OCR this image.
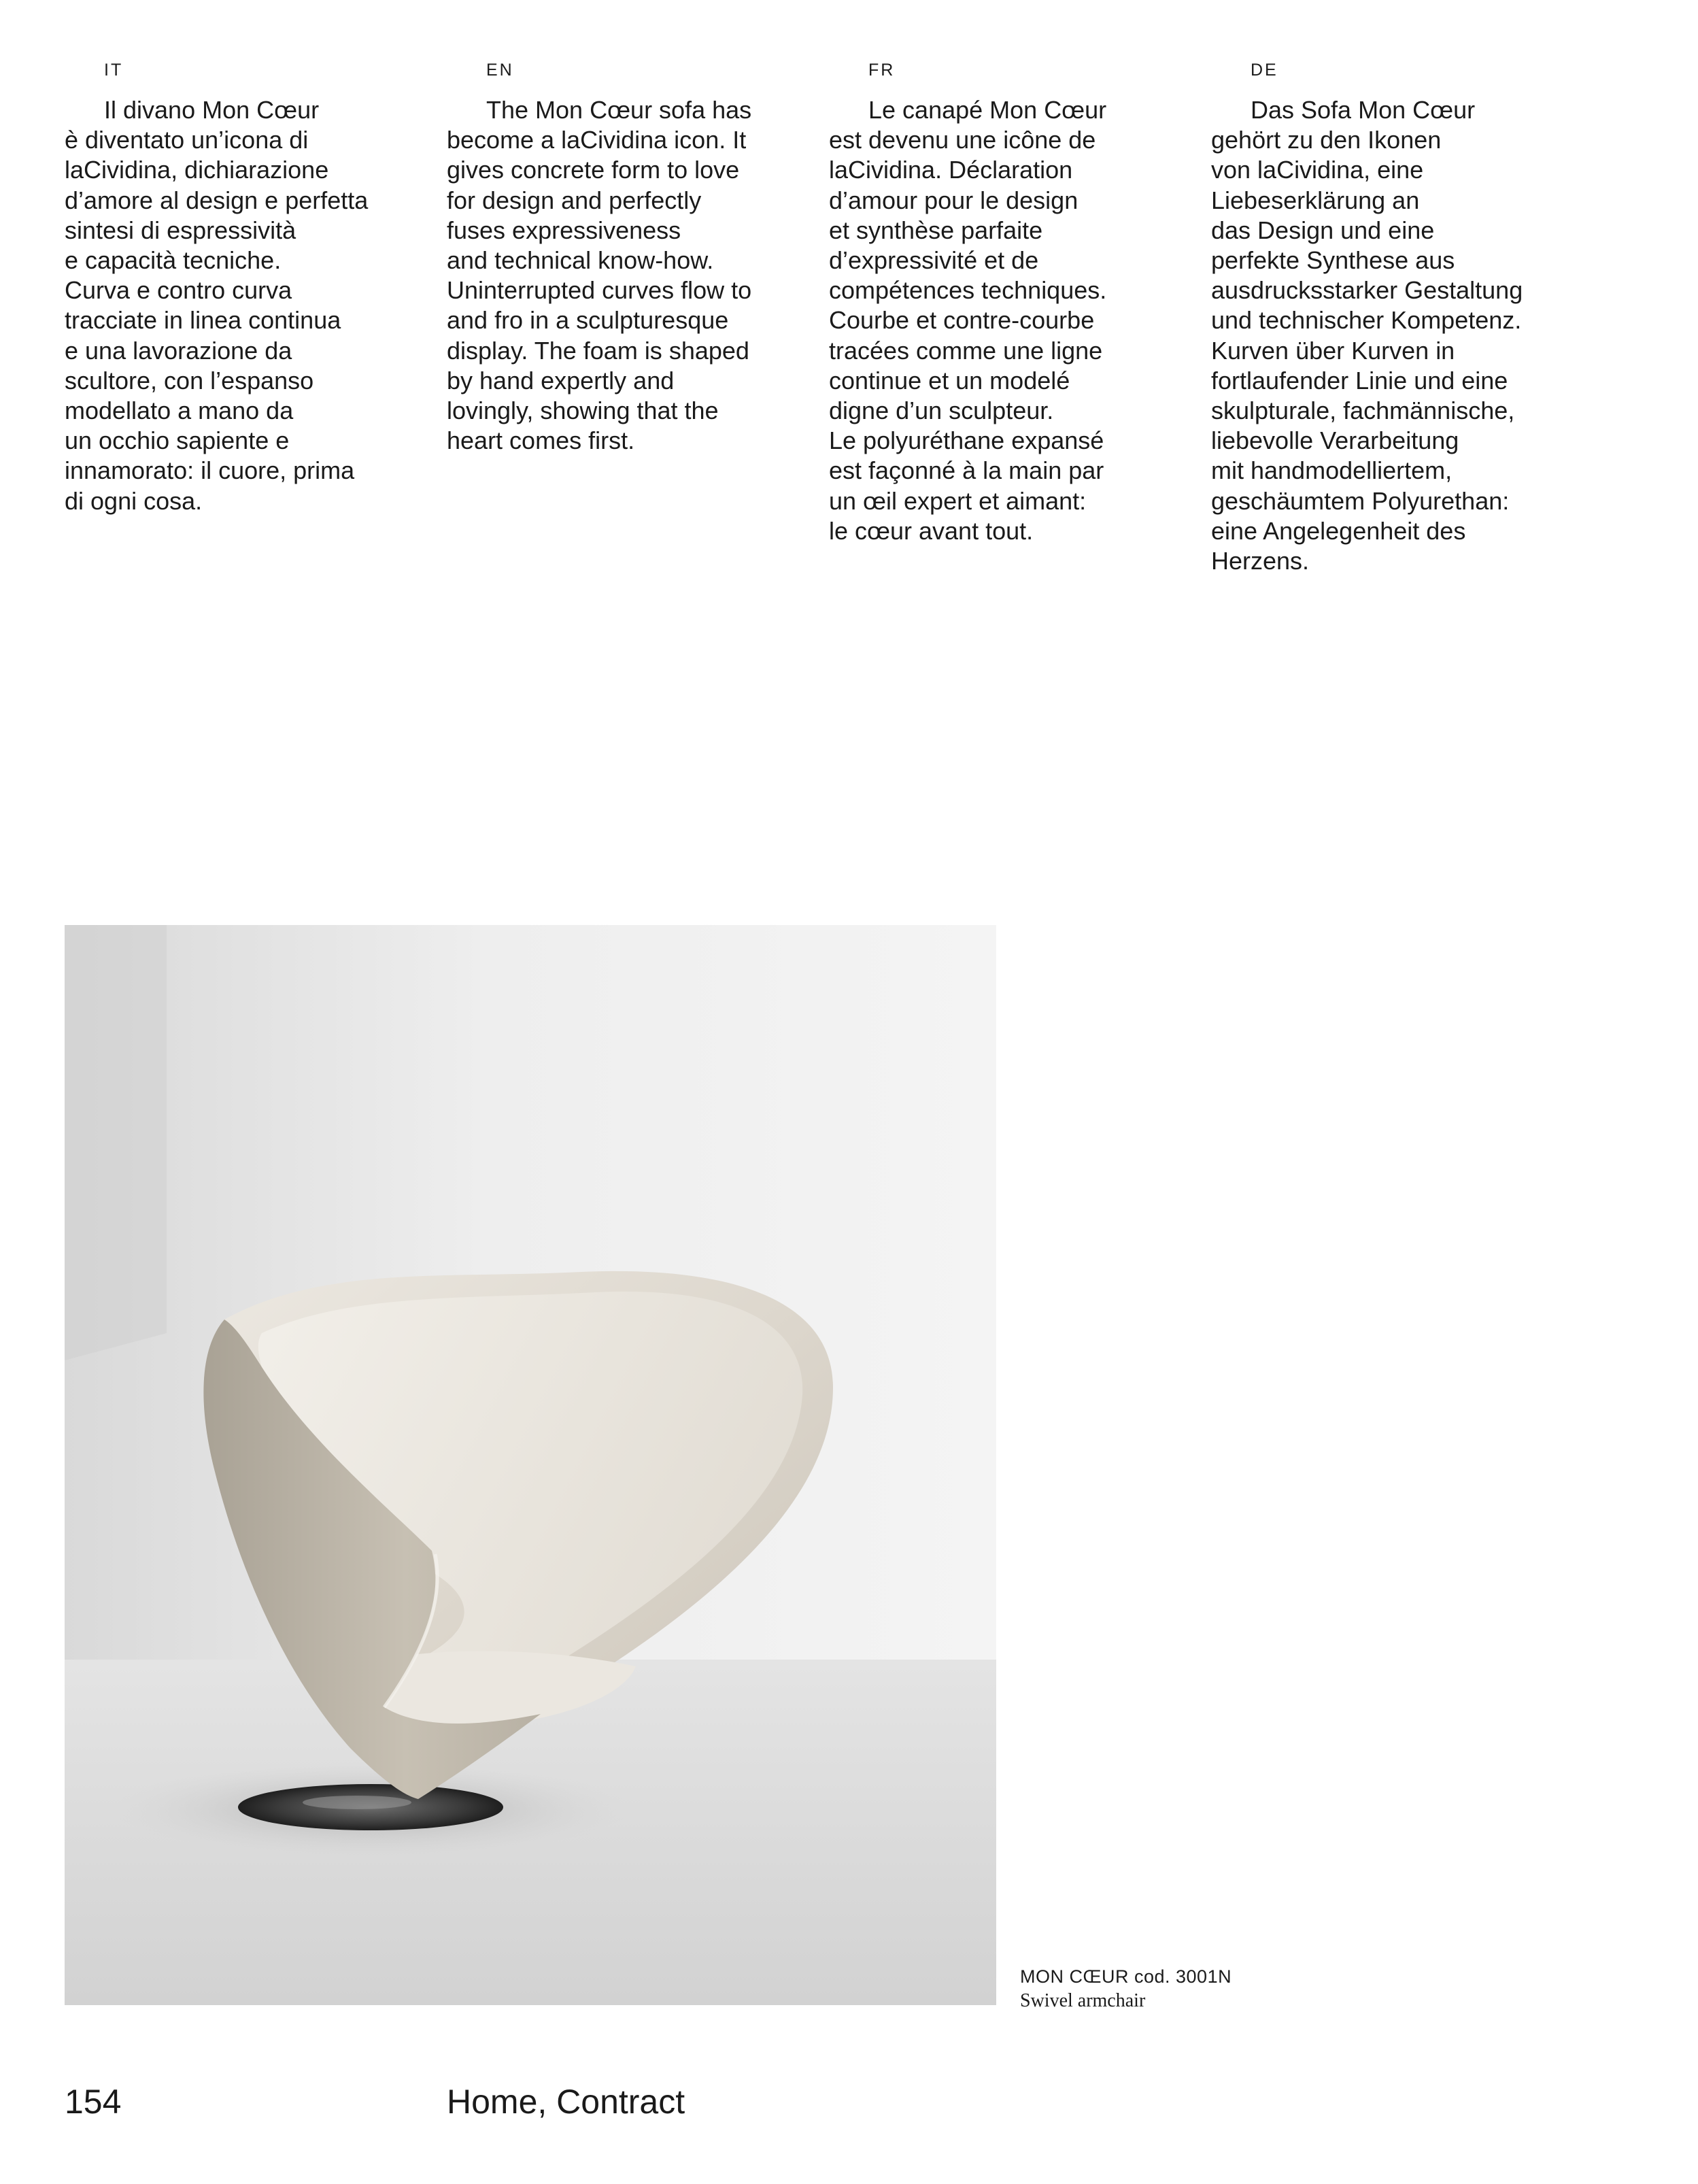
IT

Il divano Mon Cœur
è diventato un’icona di
laCividina, dichiarazione
d’amore al design e perfetta
sintesi di espressività
e capacità tecniche.
Curva e contro curva
tracciate in linea continua
e una lavorazione da
scultore, con l’espanso
modellato a mano da
un occhio sapiente e
innamorato: il cuore, prima
di ogni cosa.

EN

The Mon Cœur sofa has
become a laCividina icon. It
gives concrete form to love
for design and perfectly
fuses expressiveness
and technical know-how.
Uninterrupted curves flow to
and fro in a sculpturesque
display. The foam is shaped
by hand expertly and
lovingly, showing that the
heart comes first.

FR

Le canapé Mon Cœur
est devenu une icône de
laCividina. Déclaration
d’amour pour le design
et synthèse parfaite
d’expressivité et de
compétences techniques.
Courbe et contre-courbe
tracées comme une ligne
continue et un modelé
digne d’un sculpteur.
Le polyuréthane expansé
est façonné à la main par
un œil expert et aimant:
le cœur avant tout.

DE

Das Sofa Mon Cœur
gehört zu den Ikonen
von laCividina, eine
Liebeserklärung an
das Design und eine
perfekte Synthese aus
ausdrucksstarker Gestaltung
und technischer Kompetenz.
Kurven über Kurven in
fortlaufender Linie und eine
skulpturale, fachmännische,
liebevolle Verarbeitung
mit handmodelliertem,
geschäumtem Polyurethan:
eine Angelegenheit des
Herzens.

MON CŒUR cod. 3001N
Swivel armchair
154	Home, Contract
